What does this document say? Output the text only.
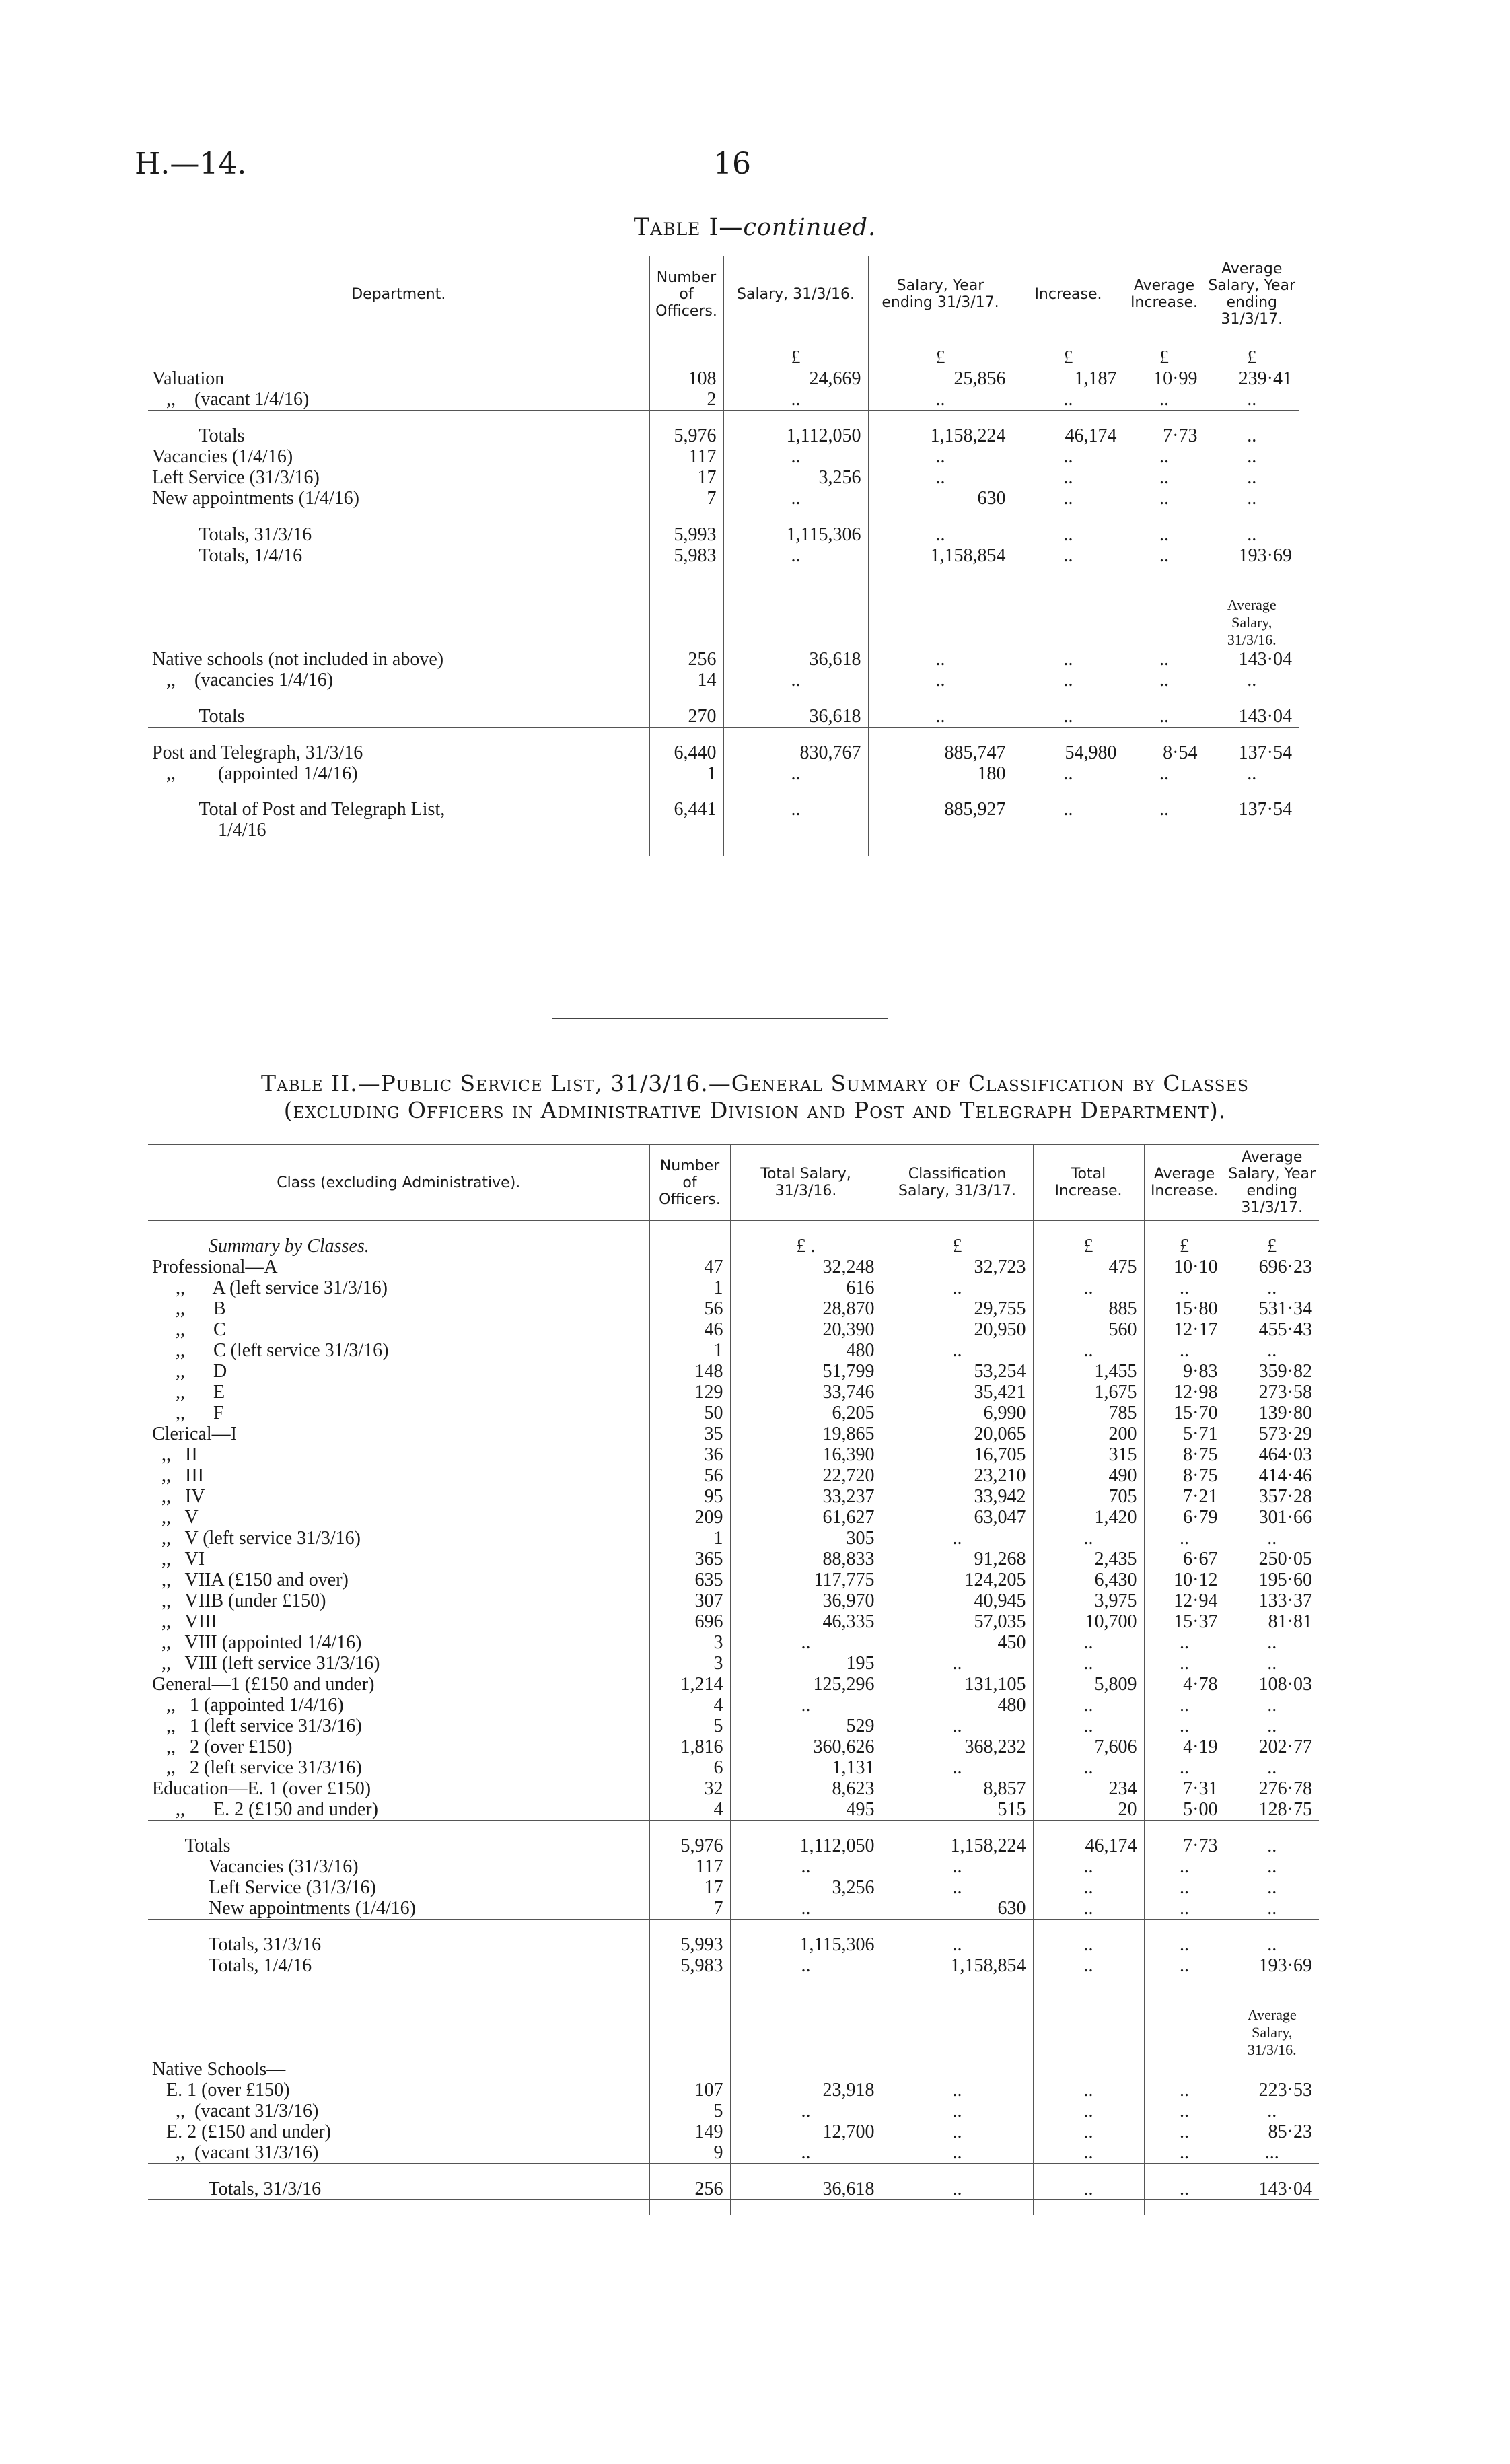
H.—14.	16
Table I—continued.
Department.	Number of Officers.	Salary, 31/3/16.	Salary, Year ending 31/3/17.	Increase.	Average Increase.	Average Salary, Year ending 31/3/17.

		£	£	£	£	£
Valuation	108	24,669	25,856	1,187	10·99	239·41
,,    (vacant 1/4/16)	2	..	..	..	..	..

Totals	5,976	1,112,050	1,158,224	46,174	7·73	..
Vacancies (1/4/16)	117	..	..	..	..	..
Left Service (31/3/16)	17	3,256	..	..	..	..
New appointments (1/4/16)	7	..	630	..	..	..

Totals, 31/3/16	5,993	1,115,306	..	..	..	..
Totals, 1/4/16	5,983	..	1,158,854	..	..	193·69

						Average Salary, 31/3/16.
Native schools (not included in above)	256	36,618	..	..	..	143·04
,,    (vacancies 1/4/16)	14	..	..	..	..	..

Totals	270	36,618	..	..	..	143·04

Post and Telegraph, 31/3/16	6,440	830,767	885,747	54,980	8·54	137·54
,,         (appointed 1/4/16)	1	..	180	..	..	..

Total of Post and Telegraph List,	6,441	..	885,927	..	..	137·54
1/4/16						

Table II.—Public Service List, 31/3/16.—General Summary of Classification by Classes
(excluding Officers in Administrative Division and Post and Telegraph Department).
Class (excluding Administrative).	Number of Officers.	Total Salary, 31/3/16.	Classification Salary, 31/3/17.	Total Increase.	Average Increase.	Average Salary, Year ending 31/3/17.

Summary by Classes.		£ .	£	£	£	£
Professional—A	47	32,248	32,723	475	10·10	696·23
,,      A (left service 31/3/16)	1	616	..	..	..	..
,,      B	56	28,870	29,755	885	15·80	531·34
,,      C	46	20,390	20,950	560	12·17	455·43
,,      C (left service 31/3/16)	1	480	..	..	..	..
,,      D	148	51,799	53,254	1,455	9·83	359·82
,,      E	129	33,746	35,421	1,675	12·98	273·58
,,      F	50	6,205	6,990	785	15·70	139·80
Clerical—I	35	19,865	20,065	200	5·71	573·29
,,   II	36	16,390	16,705	315	8·75	464·03
,,   III	56	22,720	23,210	490	8·75	414·46
,,   IV	95	33,237	33,942	705	7·21	357·28
,,   V	209	61,627	63,047	1,420	6·79	301·66
,,   V (left service 31/3/16)	1	305	..	..	..	..
,,   VI	365	88,833	91,268	2,435	6·67	250·05
,,   VIIA (£150 and over)	635	117,775	124,205	6,430	10·12	195·60
,,   VIIB (under £150)	307	36,970	40,945	3,975	12·94	133·37
,,   VIII	696	46,335	57,035	10,700	15·37	81·81
,,   VIII (appointed 1/4/16)	3	..	450	..	..	..
,,   VIII (left service 31/3/16)	3	195	..	..	..	..
General—1 (£150 and under)	1,214	125,296	131,105	5,809	4·78	108·03
,,   1 (appointed 1/4/16)	4	..	480	..	..	..
,,   1 (left service 31/3/16)	5	529	..	..	..	..
,,   2 (over £150)	1,816	360,626	368,232	7,606	4·19	202·77
,,   2 (left service 31/3/16)	6	1,131	..	..	..	..
Education—E. 1 (over £150)	32	8,623	8,857	234	7·31	276·78
,,      E. 2 (£150 and under)	4	495	515	20	5·00	128·75

Totals	5,976	1,112,050	1,158,224	46,174	7·73	..
Vacancies (31/3/16)	117	..	..	..	..	..
Left Service (31/3/16)	17	3,256	..	..	..	..
New appointments (1/4/16)	7	..	630	..	..	..

Totals, 31/3/16	5,993	1,115,306	..	..	..	..
Totals, 1/4/16	5,983	..	1,158,854	..	..	193·69

						Average Salary, 31/3/16.
Native Schools—						
E. 1 (over £150)	107	23,918	..	..	..	223·53
,,  (vacant 31/3/16)	5	..	..	..	..	..
E. 2 (£150 and under)	149	12,700	..	..	..	85·23
,,  (vacant 31/3/16)	9	..	..	..	..	...

Totals, 31/3/16	256	36,618	..	..	..	143·04
